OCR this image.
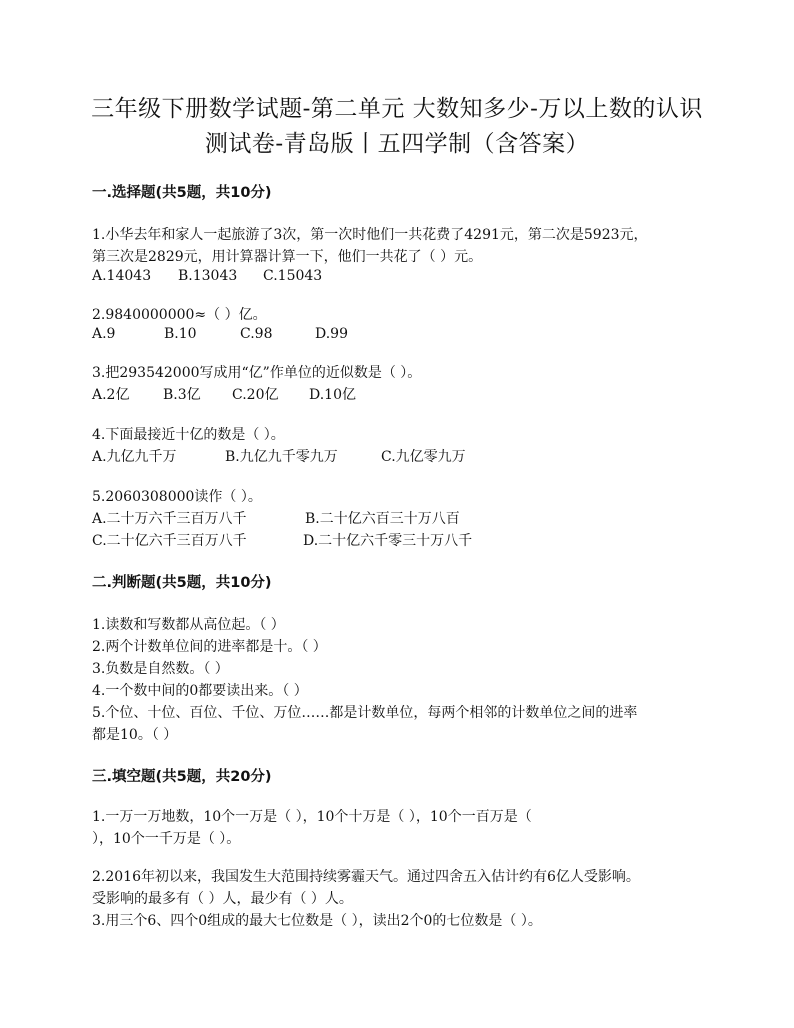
三年级下册数学试题-第二单元 大数知多少-万以上数的认识
测试卷-青岛版丨五四学制（含答案）
一.选择题(共5题，共10分)
1.小华去年和家人一起旅游了3次，第一次时他们一共花费了4291元，第二次是5923元，
第三次是2829元，用计算器计算一下，他们一共花了（ ）元。
A.14043 B.13043 C.15043
2.9840000000≈（ ）亿。
A.9	B.10	C.98	D.99
3.把293542000写成用“亿”作单位的近似数是（ ）。
A.2亿 B.3亿 C.20亿 D.10亿
4.下面最接近十亿的数是（ ）。
A.九亿九千万	B.九亿九千零九万	C.九亿零九万
5.2060308000读作（ ）。
A.二十万六千三百万八千	B.二十亿六百三十万八百
C.二十亿六千三百万八千	D.二十亿六千零三十万八千
二.判断题(共5题，共10分)
1.读数和写数都从高位起。（ ）
2.两个计数单位间的进率都是十。（ ）
3.负数是自然数。（ ）
4.一个数中间的0都要读出来。（ ）
5.个位、十位、百位、千位、万位……都是计数单位，每两个相邻的计数单位之间的进率
都是10。（ ）
三.填空题(共5题，共20分)
1.一万一万地数，10个一万是（ ），10个十万是（ ），10个一百万是（
），10个一千万是（ ）。
2.2016年初以来，我国发生大范围持续雾霾天气。通过四舍五入估计约有6亿人受影响。
受影响的最多有（ ）人，最少有（ ）人。
3.用三个6、四个0组成的最大七位数是（ ），读出2个0的七位数是（ ）。
